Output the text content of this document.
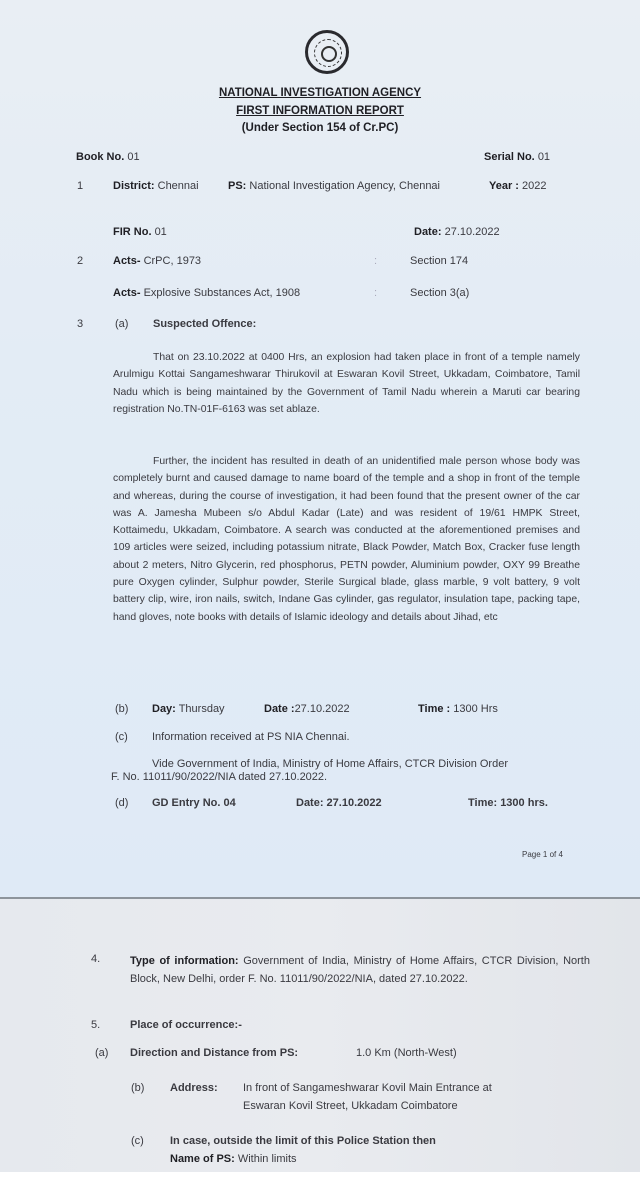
NATIONAL INVESTIGATION AGENCY
FIRST INFORMATION REPORT
(Under Section 154 of Cr.PC)
Book No. 01	Serial No. 01
1	District: Chennai	PS: National Investigation Agency, Chennai	Year : 2022
FIR No. 01	Date: 27.10.2022
2	Acts- CrPC, 1973	:	Section 174
Acts- Explosive Substances Act, 1908	:	Section 3(a)
3	(a) Suspected Offence:
That on 23.10.2022 at 0400 Hrs, an explosion had taken place in front of a temple namely Arulmigu Kottai Sangameshwarar Thirukovil at Eswaran Kovil Street, Ukkadam, Coimbatore, Tamil Nadu which is being maintained by the Government of Tamil Nadu wherein a Maruti car bearing registration No.TN-01F-6163 was set ablaze.
Further, the incident has resulted in death of an unidentified male person whose body was completely burnt and caused damage to name board of the temple and a shop in front of the temple and whereas, during the course of investigation, it had been found that the present owner of the car was A. Jamesha Mubeen s/o Abdul Kadar (Late) and was resident of 19/61 HMPK Street, Kottaimedu, Ukkadam, Coimbatore. A search was conducted at the aforementioned premises and 109 articles were seized, including potassium nitrate, Black Powder, Match Box, Cracker fuse length about 2 meters, Nitro Glycerin, red phosphorus, PETN powder, Aluminium powder, OXY 99 Breathe pure Oxygen cylinder, Sulphur powder, Sterile Surgical blade, glass marble, 9 volt battery, 9 volt battery clip, wire, iron nails, switch, Indane Gas cylinder, gas regulator, insulation tape, packing tape, hand gloves, note books with details of Islamic ideology and details about Jihad, etc
(b) Day: Thursday	Date :27.10.2022	Time : 1300 Hrs
(c) Information received at PS NIA Chennai.
Vide Government of India, Ministry of Home Affairs, CTCR Division Order
F. No. 11011/90/2022/NIA dated 27.10.2022.
(d) GD Entry No. 04	Date: 27.10.2022	Time: 1300 hrs.
Page 1 of 4
4.	Type of information: Government of India, Ministry of Home Affairs, CTCR Division, North Block, New Delhi, order F. No. 11011/90/2022/NIA, dated 27.10.2022.
5.	Place of occurrence:-
(a) Direction and Distance from PS:	1.0 Km (North-West)
(b) Address: In front of Sangameshwarar Kovil Main Entrance at
Eswaran Kovil Street, Ukkadam Coimbatore
(c) In case, outside the limit of this Police Station then
Name of PS: Within limits
